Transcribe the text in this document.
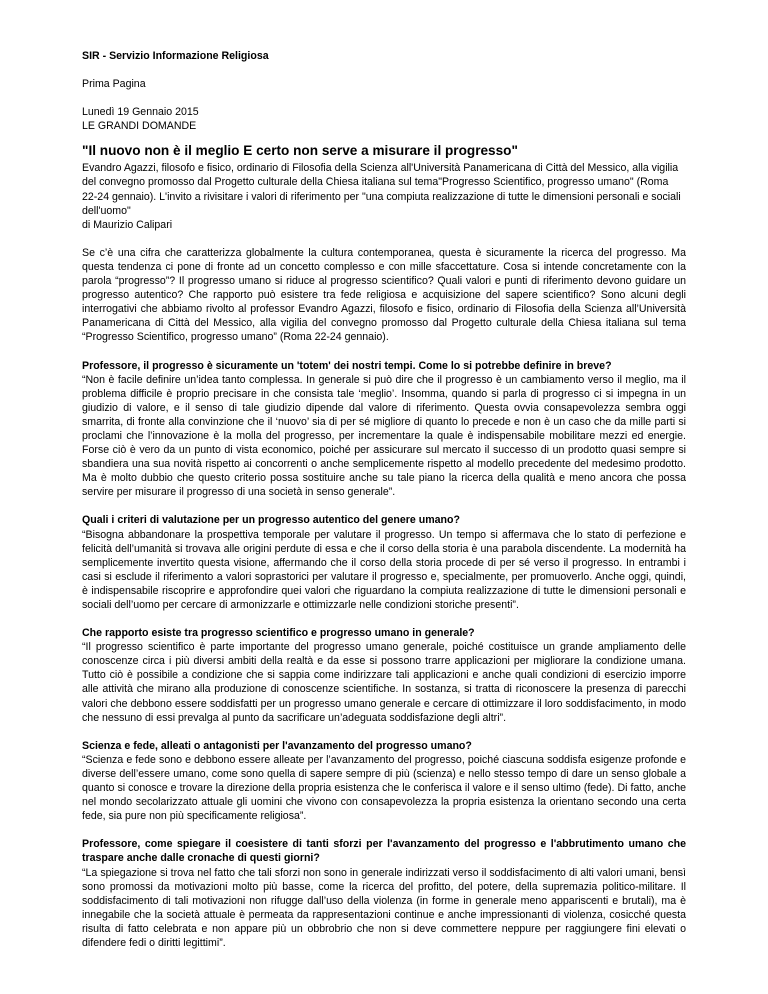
SIR - Servizio Informazione Religiosa
Prima Pagina
Lunedì 19 Gennaio 2015
LE GRANDI DOMANDE
"Il nuovo non è il meglio E certo non serve a misurare il progresso"
Evandro Agazzi, filosofo e fisico, ordinario di Filosofia della Scienza all'Università Panamericana di Città del Messico, alla vigilia del convegno promosso dal Progetto culturale della Chiesa italiana sul tema"Progresso Scientifico, progresso umano" (Roma 22-24 gennaio). L'invito a rivisitare i valori di riferimento per "una compiuta realizzazione di tutte le dimensioni personali e sociali dell'uomo"
di Maurizio Calipari
Se c’è una cifra che caratterizza globalmente la cultura contemporanea, questa è sicuramente la ricerca del progresso. Ma questa tendenza ci pone di fronte ad un concetto complesso e con mille sfaccettature. Cosa si intende concretamente con la parola “progresso”? Il progresso umano si riduce al progresso scientifico? Quali valori e punti di riferimento devono guidare un progresso autentico? Che rapporto può esistere tra fede religiosa e acquisizione del sapere scientifico? Sono alcuni degli interrogativi che abbiamo rivolto al professor Evandro Agazzi, filosofo e fisico, ordinario di Filosofia della Scienza all’Università Panamericana di Città del Messico, alla vigilia del convegno promosso dal Progetto culturale della Chiesa italiana sul tema “Progresso Scientifico, progresso umano” (Roma 22-24 gennaio).
Professore, il progresso è sicuramente un 'totem' dei nostri tempi. Come lo si potrebbe definire in breve?
“Non è facile definire un’idea tanto complessa. In generale si può dire che il progresso è un cambiamento verso il meglio, ma il problema difficile è proprio precisare in che consista tale ‘meglio’. Insomma, quando si parla di progresso ci si impegna in un giudizio di valore, e il senso di tale giudizio dipende dal valore di riferimento. Questa ovvia consapevolezza sembra oggi smarrita, di fronte alla convinzione che il ‘nuovo’ sia di per sé migliore di quanto lo precede e non è un caso che da mille parti si proclami che l’innovazione è la molla del progresso, per incrementare la quale è indispensabile mobilitare mezzi ed energie. Forse ciò è vero da un punto di vista economico, poiché per assicurare sul mercato il successo di un prodotto quasi sempre si sbandiera una sua novità rispetto ai concorrenti o anche semplicemente rispetto al modello precedente del medesimo prodotto. Ma è molto dubbio che questo criterio possa sostituire anche su tale piano la ricerca della qualità e meno ancora che possa servire per misurare il progresso di una società in senso generale”.
Quali i criteri di valutazione per un progresso autentico del genere umano?
“Bisogna abbandonare la prospettiva temporale per valutare il progresso. Un tempo si affermava che lo stato di perfezione e felicità dell’umanità si trovava alle origini perdute di essa e che il corso della storia è una parabola discendente. La modernità ha semplicemente invertito questa visione, affermando che il corso della storia procede di per sé verso il progresso. In entrambi i casi si esclude il riferimento a valori soprastorici per valutare il progresso e, specialmente, per promuoverlo. Anche oggi, quindi, è indispensabile riscoprire e approfondire quei valori che riguardano la compiuta realizzazione di tutte le dimensioni personali e sociali dell’uomo per cercare di armonizzarle e ottimizzarle nelle condizioni storiche presenti”.
Che rapporto esiste tra progresso scientifico e progresso umano in generale?
“Il progresso scientifico è parte importante del progresso umano generale, poiché costituisce un grande ampliamento delle conoscenze circa i più diversi ambiti della realtà e da esse si possono trarre applicazioni per migliorare la condizione umana. Tutto ciò è possibile a condizione che si sappia come indirizzare tali applicazioni e anche quali condizioni di esercizio imporre alle attività che mirano alla produzione di conoscenze scientifiche. In sostanza, si tratta di riconoscere la presenza di parecchi valori che debbono essere soddisfatti per un progresso umano generale e cercare di ottimizzare il loro soddisfacimento, in modo che nessuno di essi prevalga al punto da sacrificare un’adeguata soddisfazione degli altri”.
Scienza e fede, alleati o antagonisti per l'avanzamento del progresso umano?
“Scienza e fede sono e debbono essere alleate per l’avanzamento del progresso, poiché ciascuna soddisfa esigenze profonde e diverse dell’essere umano, come sono quella di sapere sempre di più (scienza) e nello stesso tempo di dare un senso globale a quanto si conosce e trovare la direzione della propria esistenza che le conferisca il valore e il senso ultimo (fede). Di fatto, anche nel mondo secolarizzato attuale gli uomini che vivono con consapevolezza la propria esistenza la orientano secondo una certa fede, sia pure non più specificamente religiosa”.
Professore, come spiegare il coesistere di tanti sforzi per l'avanzamento del progresso e l'abbrutimento umano che traspare anche dalle cronache di questi giorni?
“La spiegazione si trova nel fatto che tali sforzi non sono in generale indirizzati verso il soddisfacimento di alti valori umani, bensì sono promossi da motivazioni molto più basse, come la ricerca del profitto, del potere, della supremazia politico-militare. Il soddisfacimento di tali motivazioni non rifugge dall’uso della violenza (in forme in generale meno appariscenti e brutali), ma è innegabile che la società attuale è permeata da rappresentazioni continue e anche impressionanti di violenza, cosicché questa risulta di fatto celebrata e non appare più un obbrobrio che non si deve commettere neppure per raggiungere fini elevati o difendere fedi o diritti legittimi”.
